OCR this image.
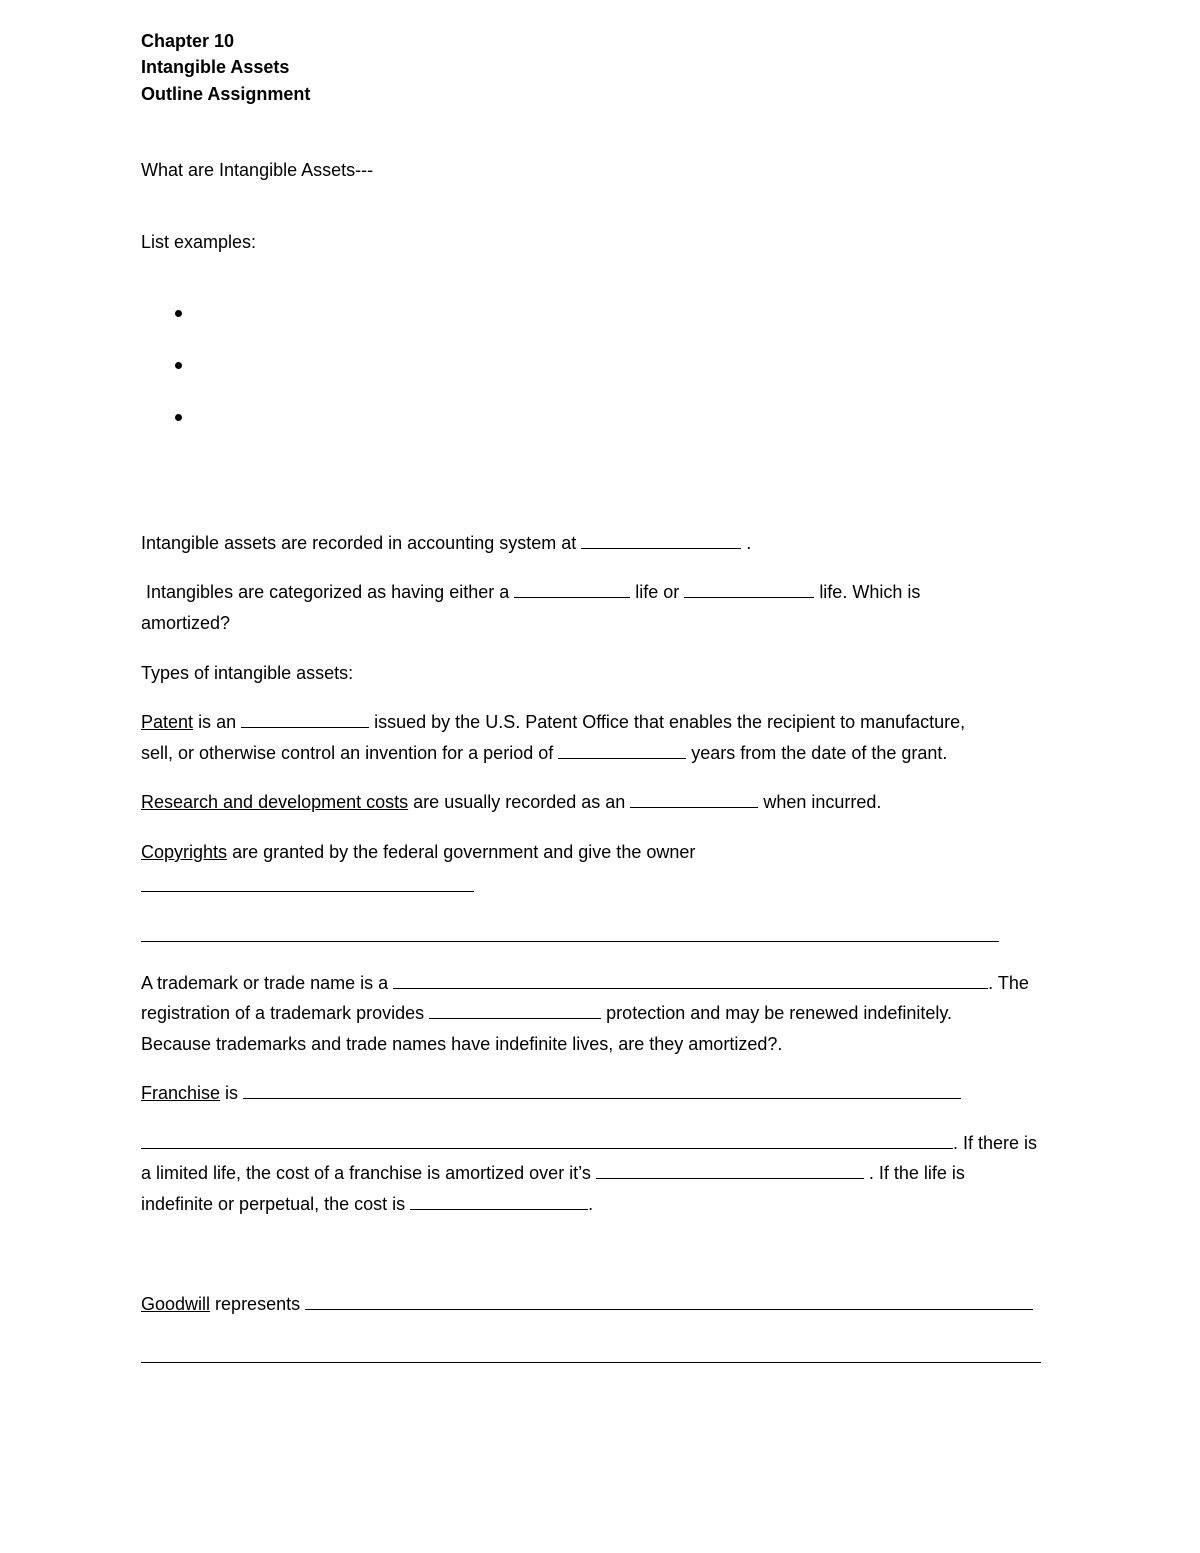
Chapter 10
Intangible Assets
Outline Assignment
What are Intangible Assets---
List examples:
Intangible assets are recorded in accounting system at	.
Intangibles are categorized as having either a	life or	life. Which is
amortized?
Types of intangible assets:
Patent is an	issued by the U.S. Patent Office that enables the recipient to manufacture,
sell, or otherwise control an invention for a period of	years from the date of the grant.
Research and development costs are usually recorded as an	when incurred.
Copyrights are granted by the federal government and give the owner
A trademark or trade name is a	. The
registration of a trademark provides	protection and may be renewed indefinitely.
Because trademarks and trade names have indefinite lives, are they amortized?.
Franchise is
. If there is
a limited life, the cost of a franchise is amortized over it’s	. If the life is
indefinite or perpetual, the cost is	.
Goodwill represents
